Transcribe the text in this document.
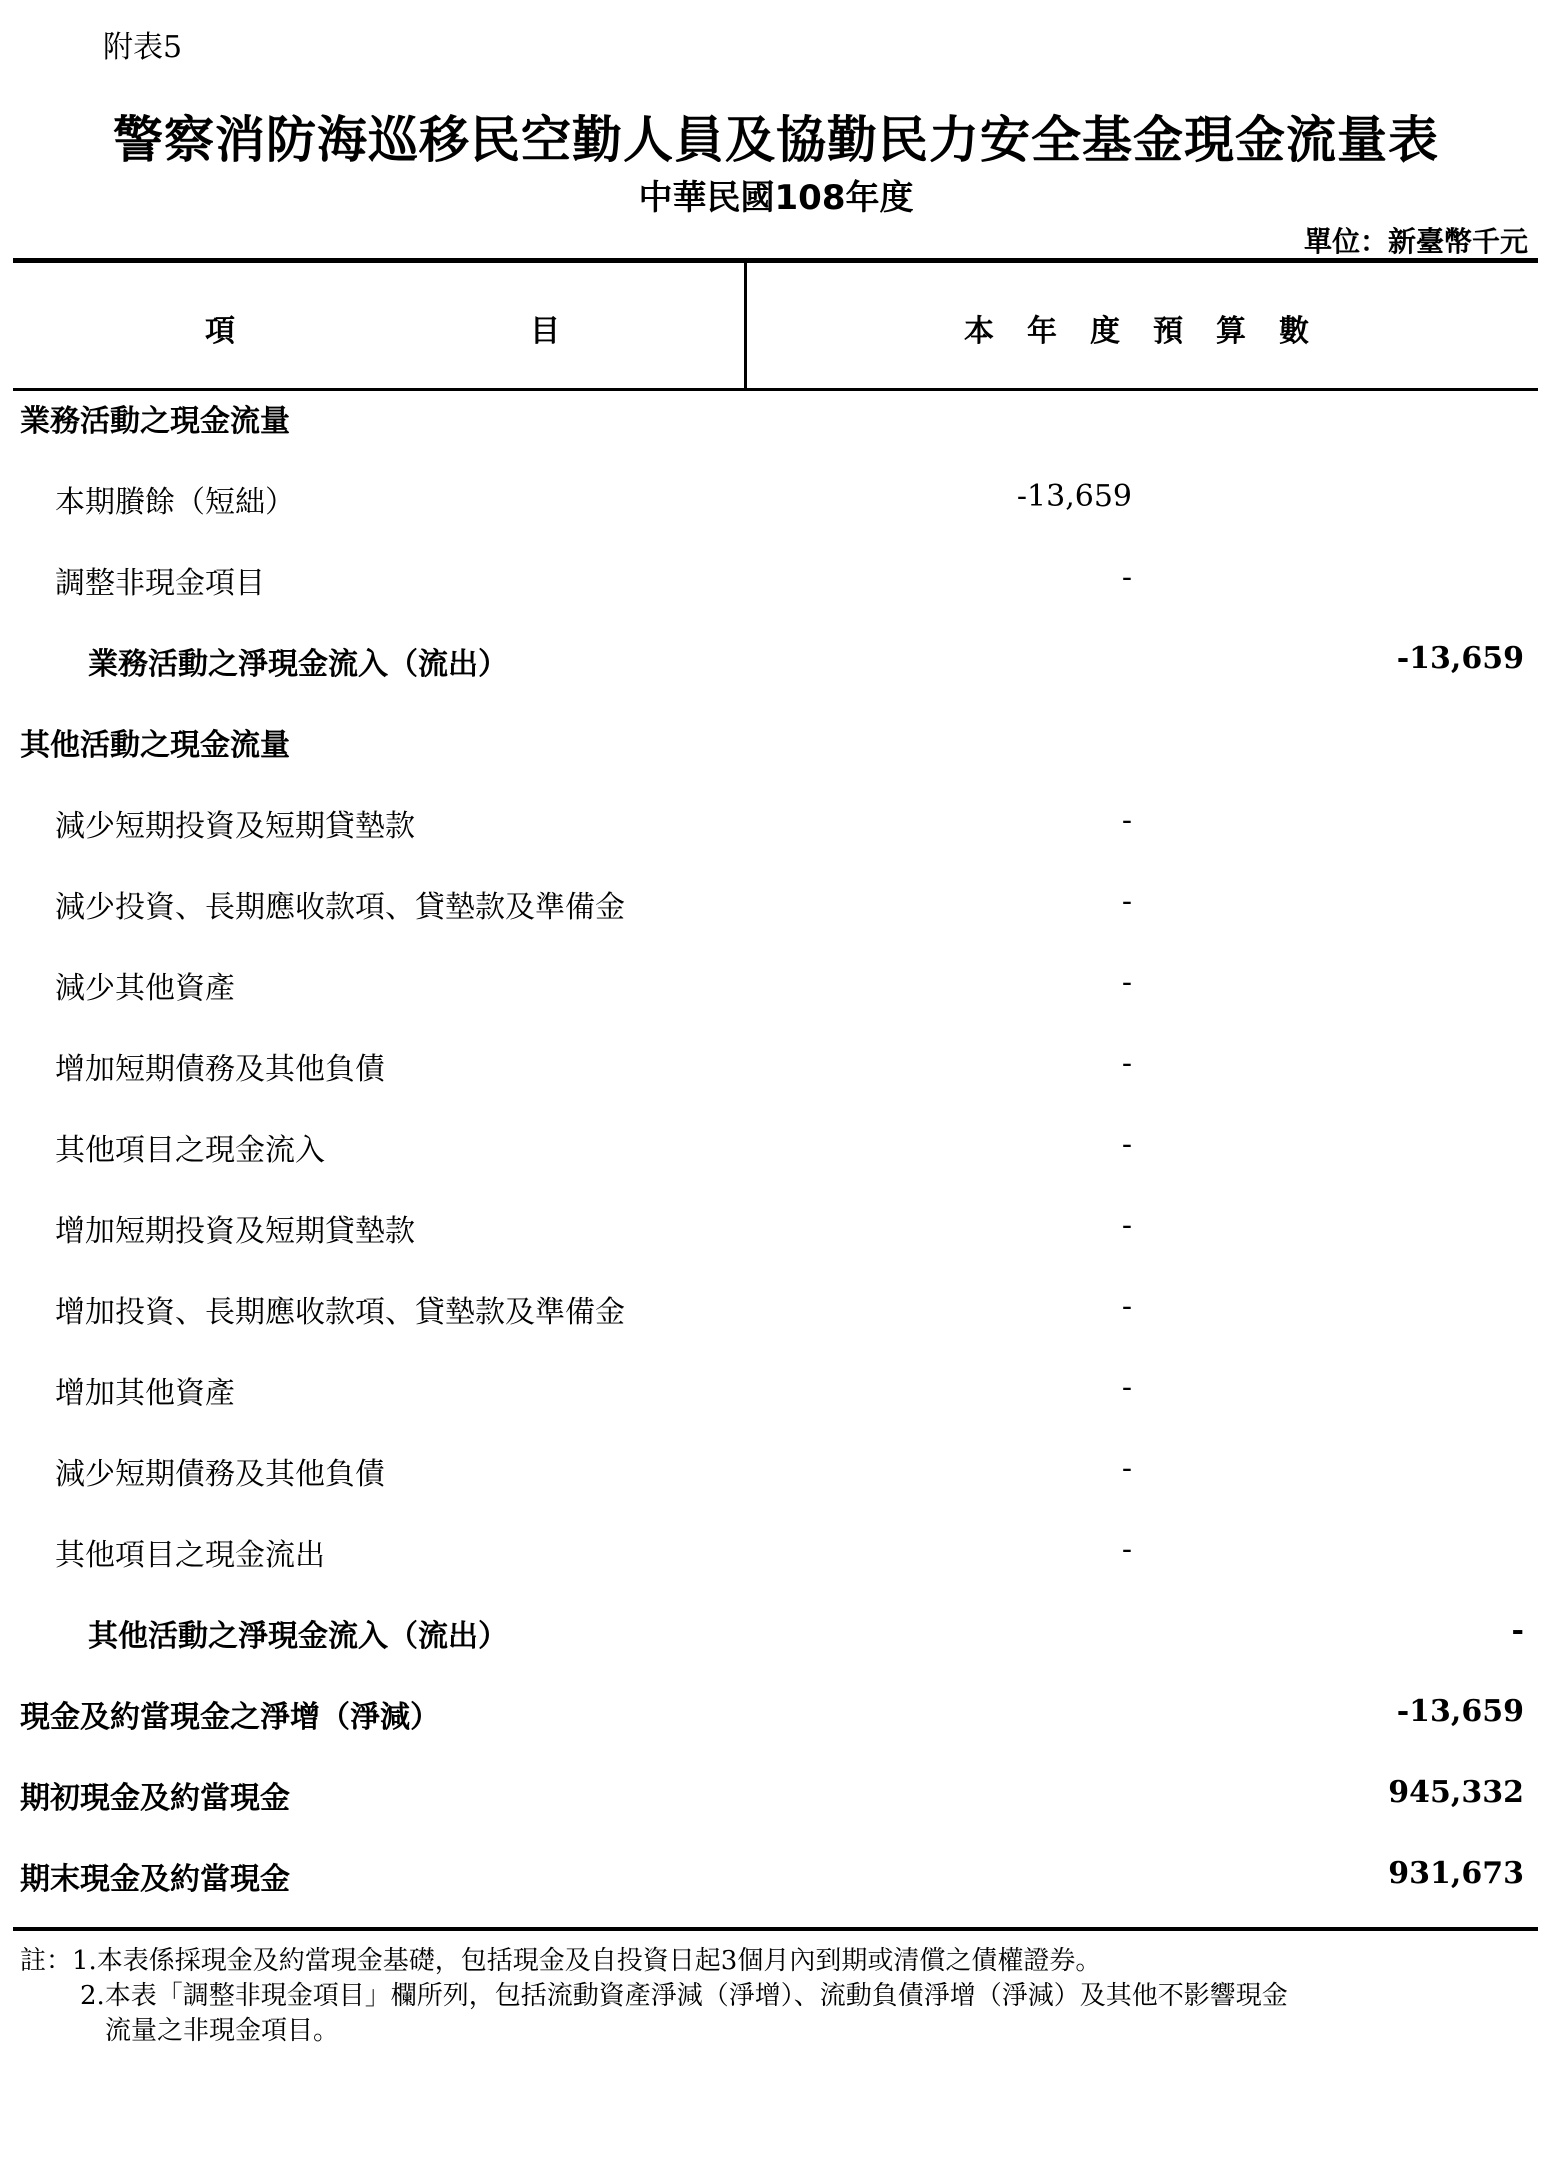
附表5
警察消防海巡移民空勤人員及協勤民力安全基金現金流量表
中華民國108年度
單位：新臺幣千元
項	目	本年度預算數
業務活動之現金流量
本期賸餘（短絀）	-13,659
調整非現金項目	-
業務活動之淨現金流入（流出）	-13,659
其他活動之現金流量
減少短期投資及短期貸墊款	-
減少投資、長期應收款項、貸墊款及準備金	-
減少其他資產	-
增加短期債務及其他負債	-
其他項目之現金流入	-
增加短期投資及短期貸墊款	-
增加投資、長期應收款項、貸墊款及準備金	-
增加其他資產	-
減少短期債務及其他負債	-
其他項目之現金流出	-
其他活動之淨現金流入（流出）	-
現金及約當現金之淨增（淨減）	-13,659
期初現金及約當現金	945,332
期末現金及約當現金	931,673
註：1.本表係採現金及約當現金基礎，包括現金及自投資日起3個月內到期或清償之債權證券。
2.本表「調整非現金項目」欄所列，包括流動資產淨減（淨增）、流動負債淨增（淨減）及其他不影響現金
流量之非現金項目。
